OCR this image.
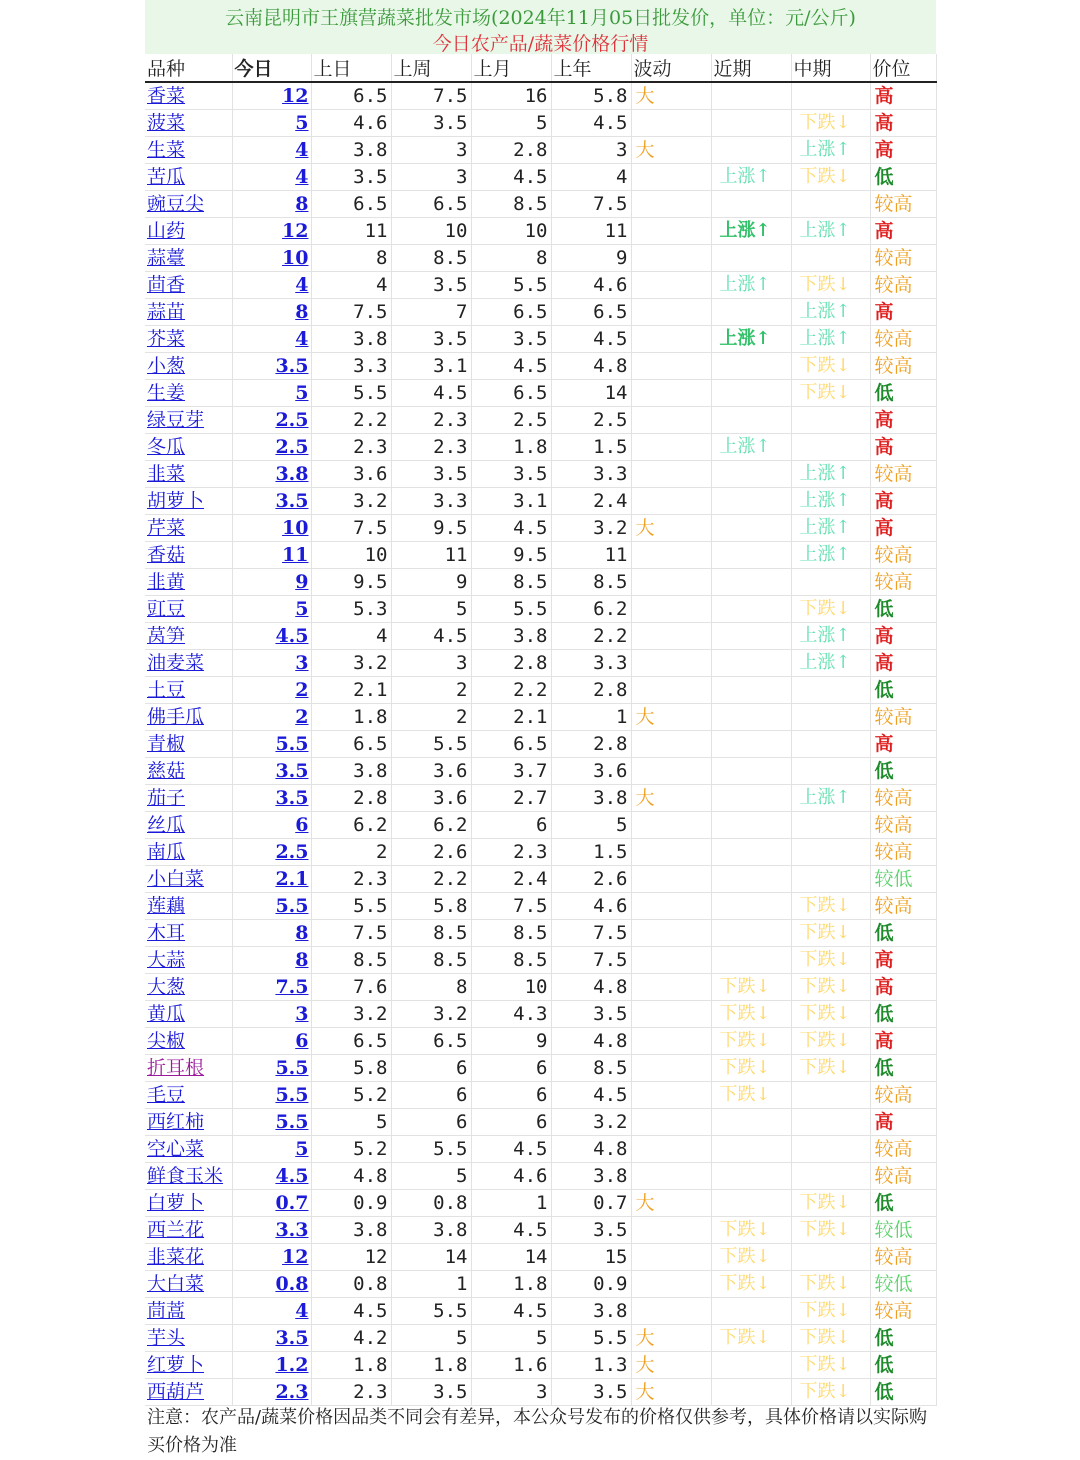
云南昆明市王旗营蔬菜批发市场(2024年11月05日批发价，单位：元/公斤)
今日农产品/蔬菜价格行情
品种	今日	上日	上周	上月	上年	波动	近期	中期	价位
香菜	12	6.5	7.5	16	5.8	大			高
菠菜	5	4.6	3.5	5	4.5			下跌↓	高
生菜	4	3.8	3	2.8	3	大		上涨↑	高
苦瓜	4	3.5	3	4.5	4		上涨↑	下跌↓	低
豌豆尖	8	6.5	6.5	8.5	7.5				较高
山药	12	11	10	10	11		上涨↑	上涨↑	高
蒜薹	10	8	8.5	8	9				较高
茴香	4	4	3.5	5.5	4.6		上涨↑	下跌↓	较高
蒜苗	8	7.5	7	6.5	6.5			上涨↑	高
芥菜	4	3.8	3.5	3.5	4.5		上涨↑	上涨↑	较高
小葱	3.5	3.3	3.1	4.5	4.8			下跌↓	较高
生姜	5	5.5	4.5	6.5	14			下跌↓	低
绿豆芽	2.5	2.2	2.3	2.5	2.5				高
冬瓜	2.5	2.3	2.3	1.8	1.5		上涨↑		高
韭菜	3.8	3.6	3.5	3.5	3.3			上涨↑	较高
胡萝卜	3.5	3.2	3.3	3.1	2.4			上涨↑	高
芹菜	10	7.5	9.5	4.5	3.2	大		上涨↑	高
香菇	11	10	11	9.5	11			上涨↑	较高
韭黄	9	9.5	9	8.5	8.5				较高
豇豆	5	5.3	5	5.5	6.2			下跌↓	低
莴笋	4.5	4	4.5	3.8	2.2			上涨↑	高
油麦菜	3	3.2	3	2.8	3.3			上涨↑	高
土豆	2	2.1	2	2.2	2.8				低
佛手瓜	2	1.8	2	2.1	1	大			较高
青椒	5.5	6.5	5.5	6.5	2.8				高
慈菇	3.5	3.8	3.6	3.7	3.6				低
茄子	3.5	2.8	3.6	2.7	3.8	大		上涨↑	较高
丝瓜	6	6.2	6.2	6	5				较高
南瓜	2.5	2	2.6	2.3	1.5				较高
小白菜	2.1	2.3	2.2	2.4	2.6				较低
莲藕	5.5	5.5	5.8	7.5	4.6			下跌↓	较高
木耳	8	7.5	8.5	8.5	7.5			下跌↓	低
大蒜	8	8.5	8.5	8.5	7.5			下跌↓	高
大葱	7.5	7.6	8	10	4.8		下跌↓	下跌↓	高
黄瓜	3	3.2	3.2	4.3	3.5		下跌↓	下跌↓	低
尖椒	6	6.5	6.5	9	4.8		下跌↓	下跌↓	高
折耳根	5.5	5.8	6	6	8.5		下跌↓	下跌↓	低
毛豆	5.5	5.2	6	6	4.5		下跌↓		较高
西红柿	5.5	5	6	6	3.2				高
空心菜	5	5.2	5.5	4.5	4.8				较高
鲜食玉米	4.5	4.8	5	4.6	3.8				较高
白萝卜	0.7	0.9	0.8	1	0.7	大		下跌↓	低
西兰花	3.3	3.8	3.8	4.5	3.5		下跌↓	下跌↓	较低
韭菜花	12	12	14	14	15		下跌↓		较高
大白菜	0.8	0.8	1	1.8	0.9		下跌↓	下跌↓	较低
茼蒿	4	4.5	5.5	4.5	3.8			下跌↓	较高
芋头	3.5	4.2	5	5	5.5	大	下跌↓	下跌↓	低
红萝卜	1.2	1.8	1.8	1.6	1.3	大		下跌↓	低
西葫芦	2.3	2.3	3.5	3	3.5	大		下跌↓	低
注意：农产品/蔬菜价格因品类不同会有差异，本公众号发布的价格仅供参考，具体价格请以实际购买价格为准
